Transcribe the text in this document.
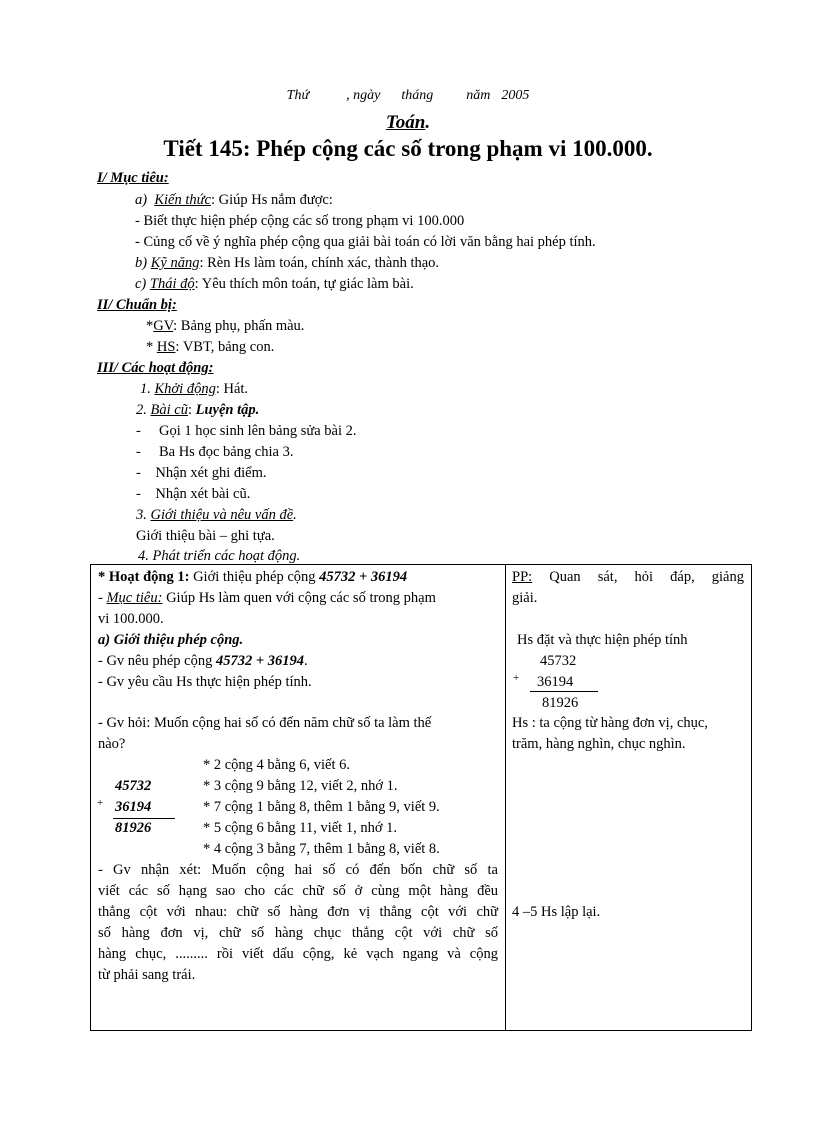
Thứ	, ngày tháng năm 2005
Toán.
Tiết 145: Phép cộng các số trong phạm vi 100.000.
I/ Mục tiêu:
a) Kiến thức: Giúp Hs nắm được:
- Biết thực hiện phép cộng các số trong phạm vi 100.000
- Củng cố về ý nghĩa phép cộng qua giải bài toán có lời văn bằng hai phép tính.
b) Kỹ năng: Rèn Hs làm toán, chính xác, thành thạo.
c) Thái độ: Yêu thích môn toán, tự giác làm bài.
II/ Chuẩn bị:
*GV: Bảng phụ, phấn màu.
* HS: VBT, bảng con.
III/ Các hoạt động:
1. Khởi động: Hát.
2. Bài cũ: Luyện tập.
-     Gọi 1 học sinh lên bảng sửa bài 2.
-     Ba Hs đọc bảng chia 3.
-    Nhận xét ghi điểm.
-    Nhận xét bài cũ.
3. Giới thiệu và nêu vấn đề.
Giới thiệu bài – ghi tựa.
4. Phát triển các hoạt động.
* Hoạt động 1: Giới thiệu phép cộng 45732 + 36194
- Mục tiêu: Giúp Hs làm quen với cộng các số trong phạm
vi 100.000.
a) Giới thiệu phép cộng.
- Gv nêu phép cộng 45732 + 36194.
- Gv yêu cầu Hs thực hiện phép tính.
- Gv hỏi: Muốn cộng hai số có đến năm chữ số ta làm thế
nào?
* 2 cộng 4 bằng 6, viết 6.
* 3 cộng 9 bằng 12, viết 2, nhớ 1.
* 7 cộng 1 bằng 8, thêm 1 bằng 9, viết 9.
* 5 cộng 6 bằng 11, viết 1, nhớ 1.
* 4 cộng 3 bằng 7, thêm 1 bằng 8, viết 8.
45732
+ 36194
81926
- Gv nhận xét: Muốn cộng hai số có đến bốn chữ số ta
viết các số hạng sao cho các chữ số ở cùng một hàng đều
thẳng cột với nhau: chữ số hàng đơn vị thẳng cột với chữ
số hàng đơn vị, chữ số hàng chục thẳng cột với chữ số
hàng chục, ......... rồi viết dấu cộng, kẻ vạch ngang và cộng
từ phải sang trái.

PP: Quan sát, hỏi đáp, giảng
giải.
Hs đặt và thực hiện phép tính
45732
+ 36194
81926
Hs : ta cộng từ hàng đơn vị, chục,
trăm, hàng nghìn, chục nghìn.
4 –5 Hs lập lại.
